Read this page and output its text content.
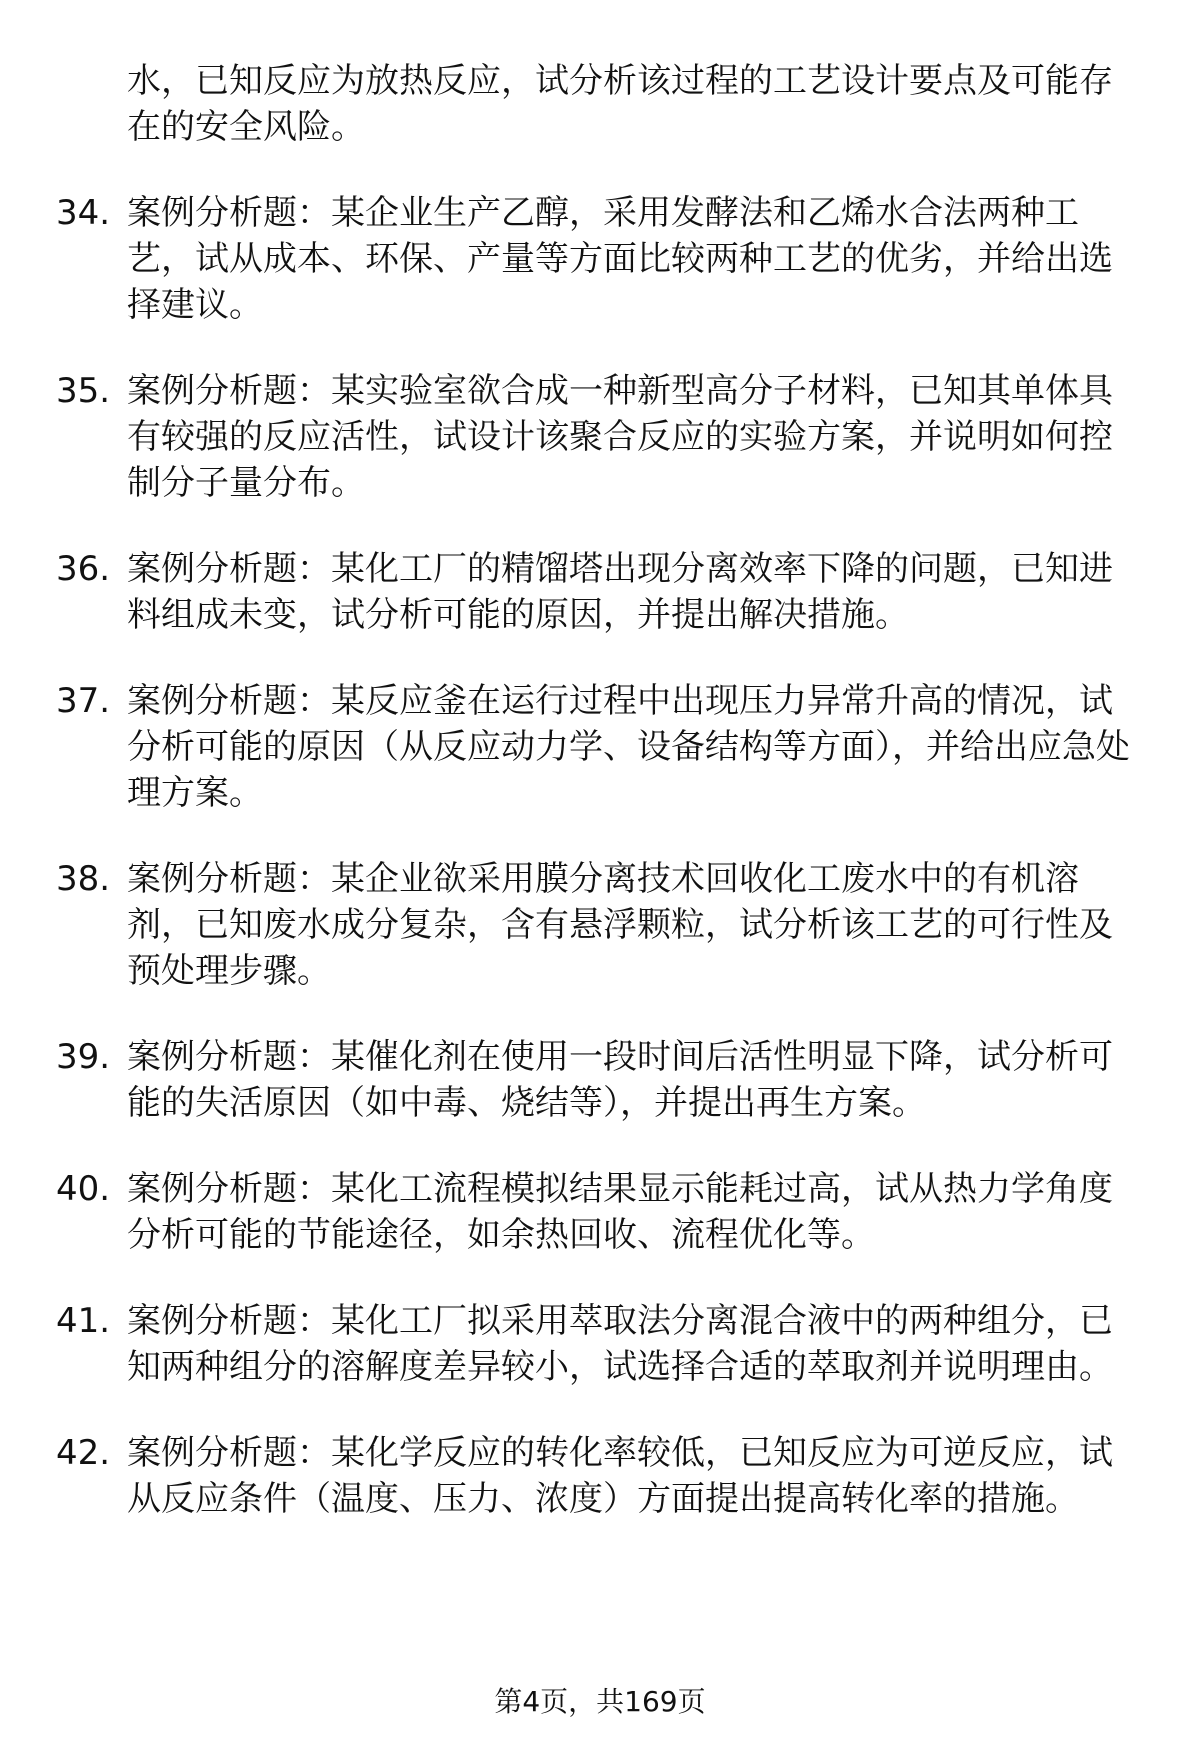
水，已知反应为放热反应，试分析该过程的工艺设计要点及可能存在的安全风险。
34. 案例分析题：某企业生产乙醇，采用发酵法和乙烯水合法两种工艺，试从成本、环保、产量等方面比较两种工艺的优劣，并给出选择建议。
35. 案例分析题：某实验室欲合成一种新型高分子材料，已知其单体具有较强的反应活性，试设计该聚合反应的实验方案，并说明如何控制分子量分布。
36. 案例分析题：某化工厂的精馏塔出现分离效率下降的问题，已知进料组成未变，试分析可能的原因，并提出解决措施。
37. 案例分析题：某反应釜在运行过程中出现压力异常升高的情况，试分析可能的原因（从反应动力学、设备结构等方面），并给出应急处理方案。
38. 案例分析题：某企业欲采用膜分离技术回收化工废水中的有机溶剂，已知废水成分复杂，含有悬浮颗粒，试分析该工艺的可行性及预处理步骤。
39. 案例分析题：某催化剂在使用一段时间后活性明显下降，试分析可能的失活原因（如中毒、烧结等），并提出再生方案。
40. 案例分析题：某化工流程模拟结果显示能耗过高，试从热力学角度分析可能的节能途径，如余热回收、流程优化等。
41. 案例分析题：某化工厂拟采用萃取法分离混合液中的两种组分，已知两种组分的溶解度差异较小，试选择合适的萃取剂并说明理由。
42. 案例分析题：某化学反应的转化率较低，已知反应为可逆反应，试从反应条件（温度、压力、浓度）方面提出提高转化率的措施。
第4页，共169页
